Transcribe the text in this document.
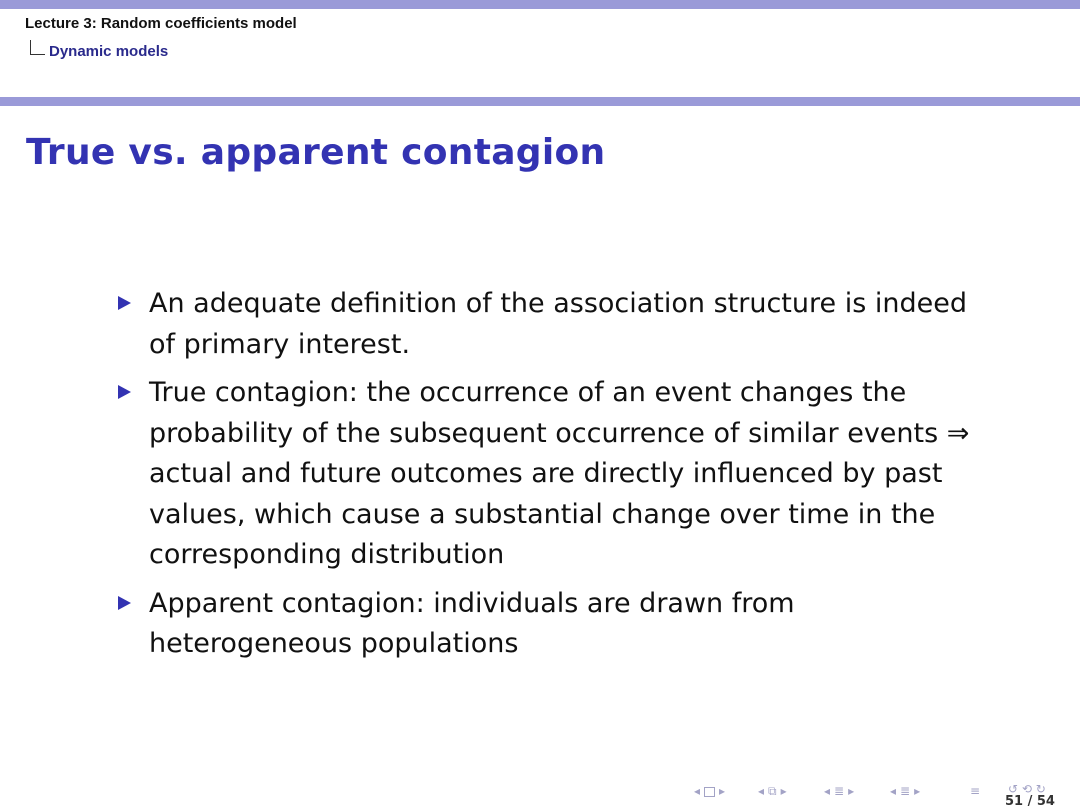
Lecture 3: Random coefficients model
Dynamic models
True vs. apparent contagion
An adequate definition of the association structure is indeed of primary interest.
True contagion: the occurrence of an event changes the probability of the subsequent occurrence of similar events ⇒ actual and future outcomes are directly influenced by past values, which cause a substantial change over time in the corresponding distribution
Apparent contagion: individuals are drawn from heterogeneous populations
◂ ▸	◂ ⧉ ▸	◂ ≣ ▸	◂ ≣ ▸	≡	↺ ⟲ ↻
51 / 54
